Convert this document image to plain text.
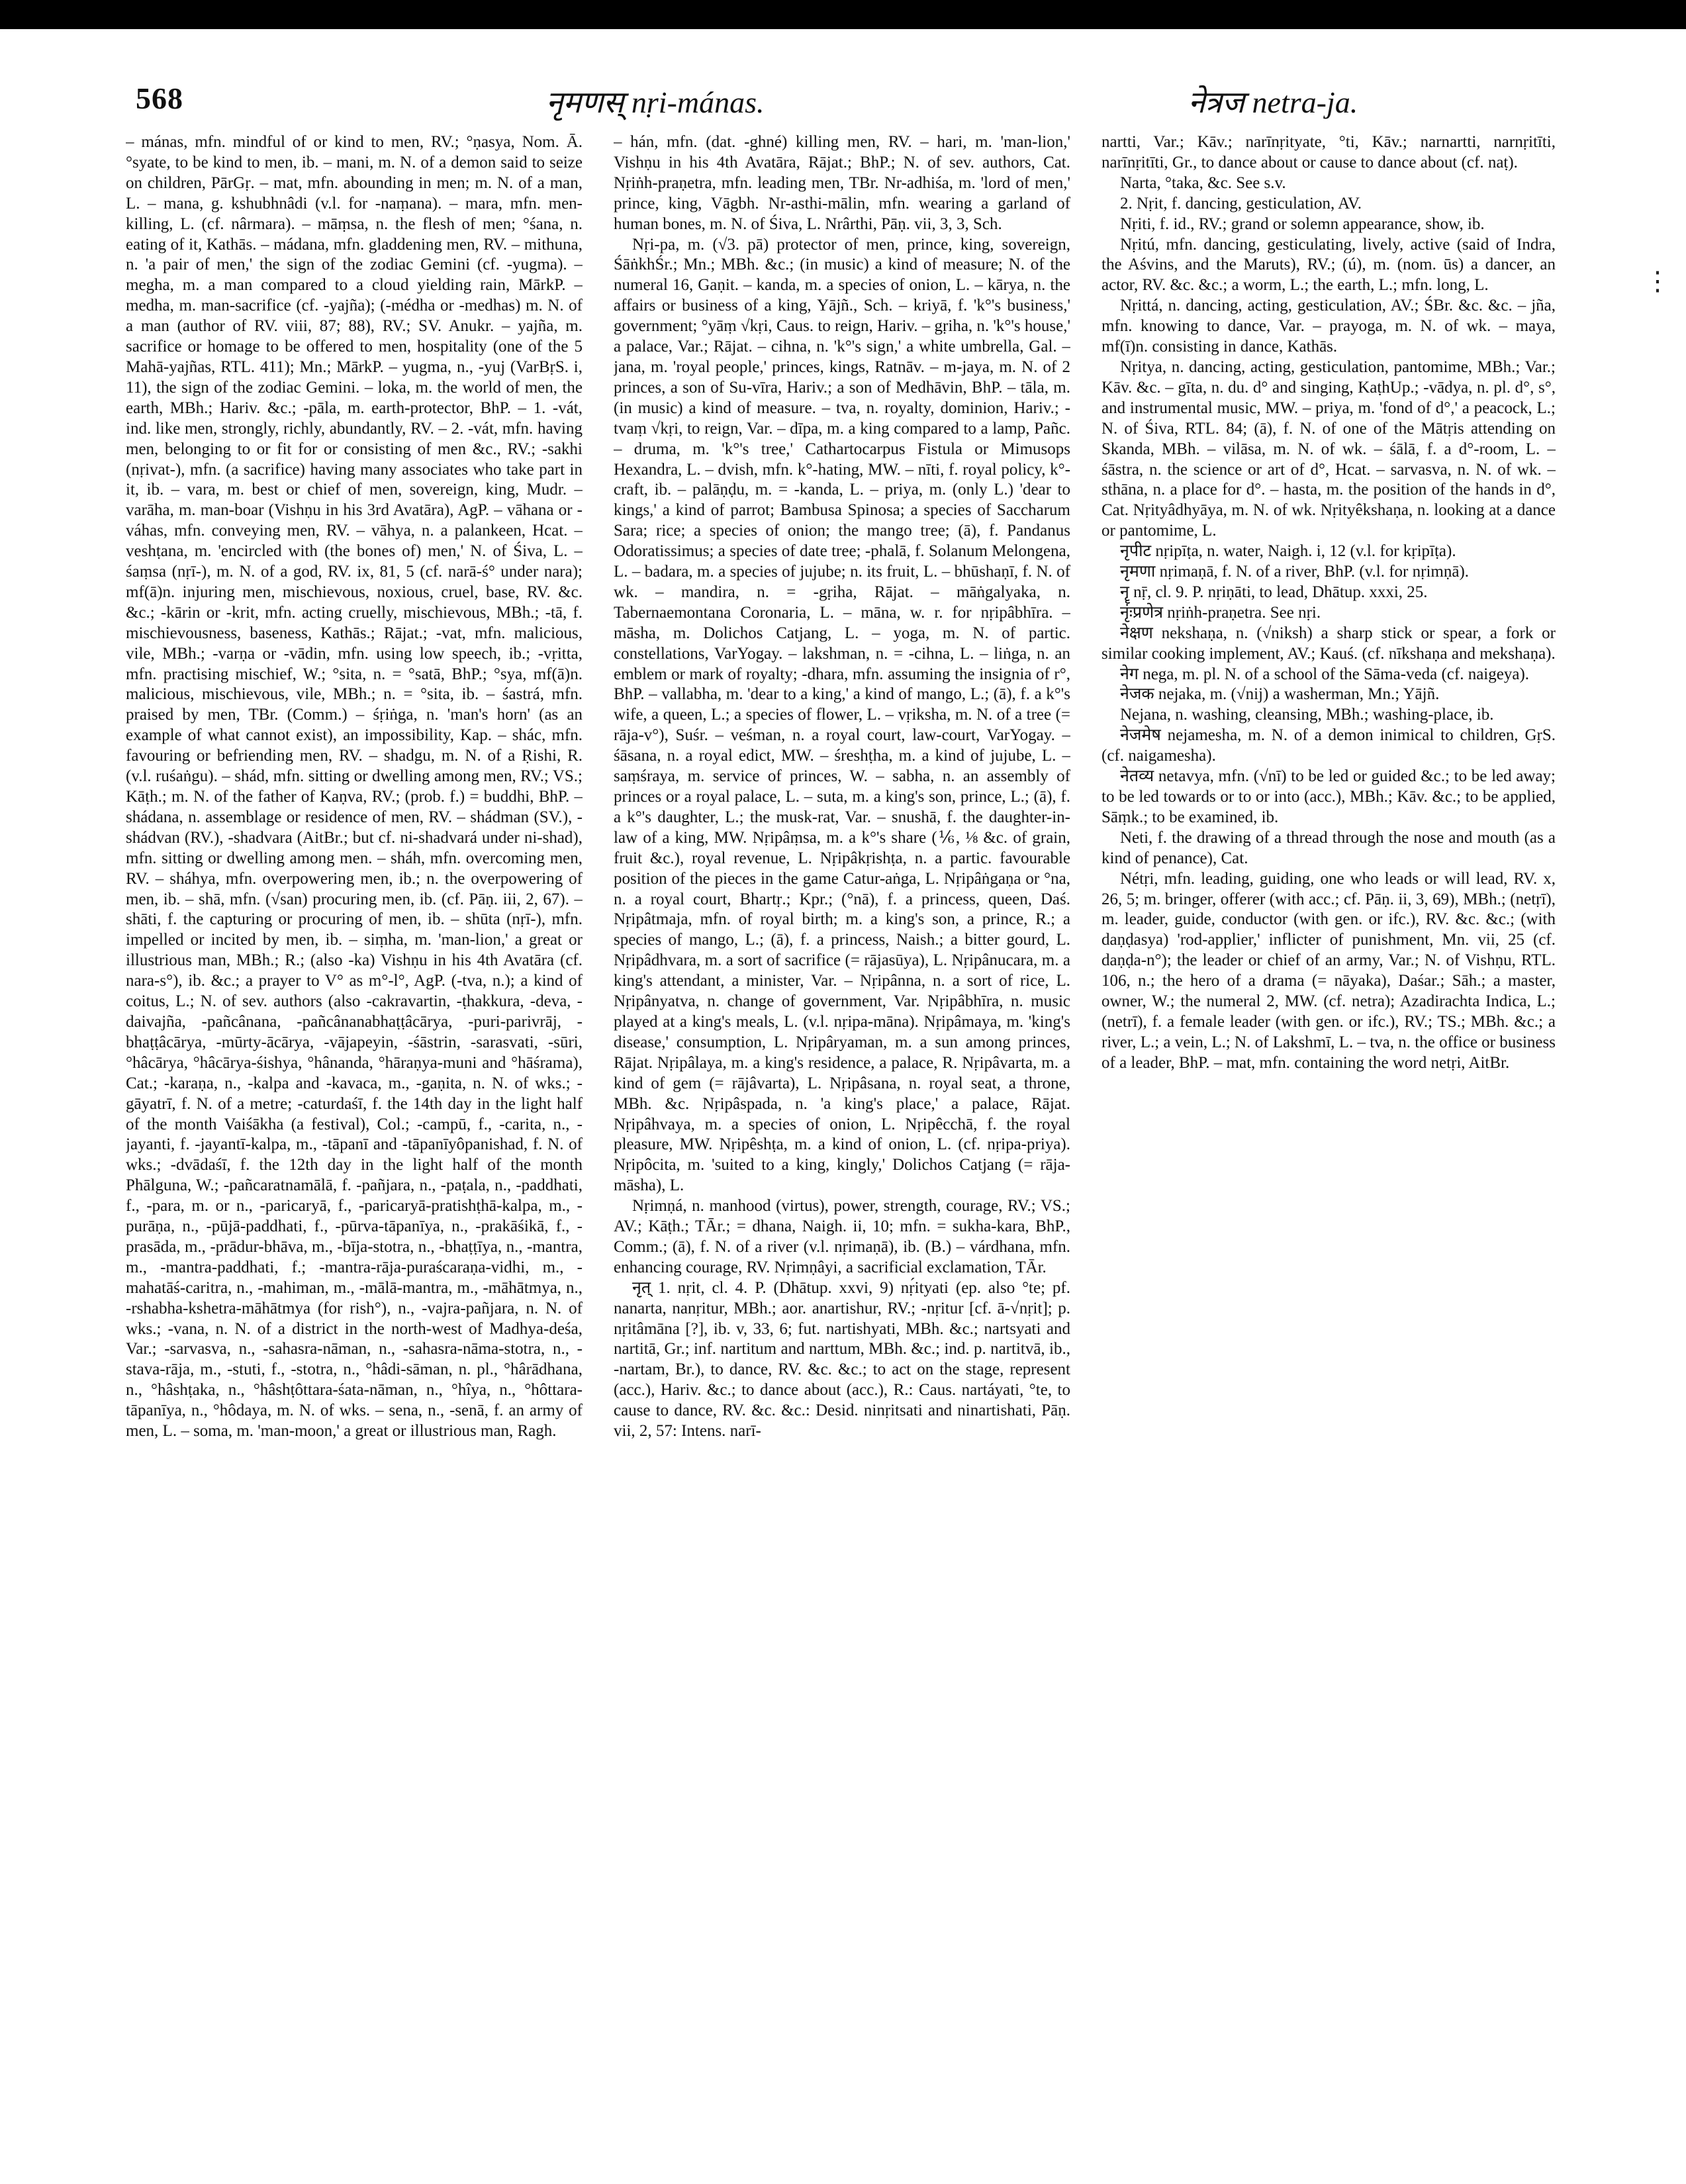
568	नृमणस् nṛi-mánas.	नेत्रज netra-ja.

– mánas, mfn. mindful of or kind to men, RV.; °ṇasya, Nom. Ā. °syate, to be kind to men, ib. – mani, m. N. of a demon said to seize on children, PārGṛ. – mat, mfn. abounding in men; m. N. of a man, L. – mana, g. kshubhnâdi (v.l. for -naṃana). – mara, mfn. men-killing, L. (cf. nârmara). – māṃsa, n. the flesh of men; °śana, n. eating of it, Kathās. – mádana, mfn. gladdening men, RV. – mithuna, n. 'a pair of men,' the sign of the zodiac Gemini (cf. -yugma). – megha, m. a man compared to a cloud yielding rain, MārkP. – medha, m. man-sacrifice (cf. -yajña); (-médha or -medhas) m. N. of a man (author of RV. viii, 87; 88), RV.; SV. Anukr. – yajña, m. sacrifice or homage to be offered to men, hospitality (one of the 5 Mahā-yajñas, RTL. 411); Mn.; MārkP. – yugma, n., -yuj (VarBṛS. i, 11), the sign of the zodiac Gemini. – loka, m. the world of men, the earth, MBh.; Hariv. &c.; -pāla, m. earth-protector, BhP. – 1. -vát, ind. like men, strongly, richly, abundantly, RV. – 2. -vát, mfn. having men, belonging to or fit for or consisting of men &c., RV.; -sakhi (nṛivat-), mfn. (a sacrifice) having many associates who take part in it, ib. – vara, m. best or chief of men, sovereign, king, Mudr. – varāha, m. man-boar (Vishṇu in his 3rd Avatāra), AgP. – vāhana or -váhas, mfn. conveying men, RV. – vāhya, n. a palankeen, Hcat. – veshṭana, m. 'encircled with (the bones of) men,' N. of Śiva, L. – śaṃsa (nṛī-), m. N. of a god, RV. ix, 81, 5 (cf. narā-ś° under nara); mf(ā)n. injuring men, mischievous, noxious, cruel, base, RV. &c. &c.; -kārin or -krit, mfn. acting cruelly, mischievous, MBh.; -tā, f. mischievousness, baseness, Kathās.; Rājat.; -vat, mfn. malicious, vile, MBh.; -varṇa or -vādin, mfn. using low speech, ib.; -vṛitta, mfn. practising mischief, W.; °sita, n. = °satā, BhP.; °sya, mf(ā)n. malicious, mischievous, vile, MBh.; n. = °sita, ib. – śastrá, mfn. praised by men, TBr. (Comm.) – śṛiṅga, n. 'man's horn' (as an example of what cannot exist), an impossibility, Kap. – shác, mfn. favouring or befriending men, RV. – shadgu, m. N. of a Ṛishi, R. (v.l. ruśaṅgu). – shád, mfn. sitting or dwelling among men, RV.; VS.; Kāṭh.; m. N. of the father of Kaṇva, RV.; (prob. f.) = buddhi, BhP. – shádana, n. assemblage or residence of men, RV. – shádman (SV.), -shádvan (RV.), -shadvara (AitBr.; but cf. ni-shadvará under ni-shad), mfn. sitting or dwelling among men. – sháh, mfn. overcoming men, RV. – sháhya, mfn. overpowering men, ib.; n. the overpowering of men, ib. – shā, mfn. (√san) procuring men, ib. (cf. Pāṇ. iii, 2, 67). – shāti, f. the capturing or procuring of men, ib. – shūta (nṛī-), mfn. impelled or incited by men, ib. – siṃha, m. 'man-lion,' a great or illustrious man, MBh.; R.; (also -ka) Vishṇu in his 4th Avatāra (cf. nara-s°), ib. &c.; a prayer to V° as m°-l°, AgP. (-tva, n.); a kind of coitus, L.; N. of sev. authors (also -cakravartin, -ṭhakkura, -deva, -daivajña, -pañcânana, -pañcânanabhaṭṭâcārya, -puri-parivrāj, -bhaṭṭâcārya, -mūrty-ācārya, -vājapeyin, -śāstrin, -sarasvati, -sūri, °hâcārya, °hâcārya-śishya, °hânanda, °hāraṇya-muni and °hāśrama), Cat.; -karaṇa, n., -kalpa and -kavaca, m., -gaṇita, n. N. of wks.; -gāyatrī, f. N. of a metre; -caturdaśī, f. the 14th day in the light half of the month Vaiśākha (a festival), Col.; -campū, f., -carita, n., -jayanti, f. -jayantī-kalpa, m., -tāpanī and -tāpanīyôpanishad, f. N. of wks.; -dvādaśī, f. the 12th day in the light half of the month Phālguna, W.; -pañcaratnamālā, f. -pañjara, n., -paṭala, n., -paddhati, f., -para, m. or n., -paricaryā, f., -paricaryā-pratishṭhā-kalpa, m., -purāṇa, n., -pūjā-paddhati, f., -pūrva-tāpanīya, n., -prakāśikā, f., -prasāda, m., -prādur-bhāva, m., -bīja-stotra, n., -bhaṭṭīya, n., -mantra, m., -mantra-paddhati, f.; -mantra-rāja-puraścaraṇa-vidhi, m., -mahatāś-caritra, n., -mahiman, m., -mālā-mantra, m., -māhātmya, n., -rshabha-kshetra-māhātmya (for rish°), n., -vajra-pañjara, n. N. of wks.; -vana, n. N. of a district in the north-west of Madhya-deśa, Var.; -sarvasva, n., -sahasra-nāman, n., -sahasra-nāma-stotra, n., -stava-rāja, m., -stuti, f., -stotra, n., °hâdi-sāman, n. pl., °hârādhana, n., °hâshṭaka, n., °hâshṭôttara-śata-nāman, n., °hîya, n., °hôttara-tāpanīya, n., °hôdaya, m. N. of wks. – sena, n., -senā, f. an army of men, L. – soma, m. 'man-moon,' a great or illustrious man, Ragh.

– hán, mfn. (dat. -ghné) killing men, RV. – hari, m. 'man-lion,' Vishṇu in his 4th Avatāra, Rājat.; BhP.; N. of sev. authors, Cat. Nṛiṅh-praṇetra, mfn. leading men, TBr. Nr-adhiśa, m. 'lord of men,' prince, king, Vāgbh. Nr-asthi-mālin, mfn. wearing a garland of human bones, m. N. of Śiva, L. Nrârthi, Pāṇ. vii, 3, 3, Sch.

Nṛi-pa, m. (√3. pā) protector of men, prince, king, sovereign, ŚāṅkhŚr.; Mn.; MBh. &c.; (in music) a kind of measure; N. of the numeral 16, Gaṇit. – kanda, m. a species of onion, L. – kārya, n. the affairs or business of a king, Yājñ., Sch. – kriyā, f. 'k°'s business,' government; °yāṃ √kṛi, Caus. to reign, Hariv. – gṛiha, n. 'k°'s house,' a palace, Var.; Rājat. – cihna, n. 'k°'s sign,' a white umbrella, Gal. – jana, m. 'royal people,' princes, kings, Ratnāv. – m-jaya, m. N. of 2 princes, a son of Su-vīra, Hariv.; a son of Medhāvin, BhP. – tāla, m. (in music) a kind of measure. – tva, n. royalty, dominion, Hariv.; -tvaṃ √kṛi, to reign, Var. – dīpa, m. a king compared to a lamp, Pañc. – druma, m. 'k°'s tree,' Cathartocarpus Fistula or Mimusops Hexandra, L. – dvish, mfn. k°-hating, MW. – nīti, f. royal policy, k°-craft, ib. – palāṇḍu, m. = -kanda, L. – priya, m. (only L.) 'dear to kings,' a kind of parrot; Bambusa Spinosa; a species of Saccharum Sara; rice; a species of onion; the mango tree; (ā), f. Pandanus Odoratissimus; a species of date tree; -phalā, f. Solanum Melongena, L. – badara, m. a species of jujube; n. its fruit, L. – bhūshaṇī, f. N. of wk. – mandira, n. = -gṛiha, Rājat. – māṅgalyaka, n. Tabernaemontana Coronaria, L. – māna, w. r. for nṛipâbhīra. – māsha, m. Dolichos Catjang, L. – yoga, m. N. of partic. constellations, VarYogay. – lakshman, n. = -cihna, L. – liṅga, n. an emblem or mark of royalty; -dhara, mfn. assuming the insignia of r°, BhP. – vallabha, m. 'dear to a king,' a kind of mango, L.; (ā), f. a k°'s wife, a queen, L.; a species of flower, L. – vṛiksha, m. N. of a tree (= rāja-v°), Suśr. – veśman, n. a royal court, law-court, VarYogay. – śāsana, n. a royal edict, MW. – śreshṭha, m. a kind of jujube, L. – saṃśraya, m. service of princes, W. – sabha, n. an assembly of princes or a royal palace, L. – suta, m. a king's son, prince, L.; (ā), f. a k°'s daughter, L.; the musk-rat, Var. – snushā, f. the daughter-in-law of a king, MW. Nṛipâṃsa, m. a k°'s share (⅙, ⅛ &c. of grain, fruit &c.), royal revenue, L. Nṛipâkṛishṭa, n. a partic. favourable position of the pieces in the game Catur-aṅga, L. Nṛipâṅgaṇa or °na, n. a royal court, Bhartṛ.; Kpr.; (°nā), f. a princess, queen, Daś. Nṛipâtmaja, mfn. of royal birth; m. a king's son, a prince, R.; a species of mango, L.; (ā), f. a princess, Naish.; a bitter gourd, L. Nṛipâdhvara, m. a sort of sacrifice (= rājasūya), L. Nṛipânucara, m. a king's attendant, a minister, Var. – Nṛipânna, n. a sort of rice, L. Nṛipânyatva, n. change of government, Var. Nṛipâbhīra, n. music played at a king's meals, L. (v.l. nṛipa-māna). Nṛipâmaya, m. 'king's disease,' consumption, L. Nṛipâryaman, m. a sun among princes, Rājat. Nṛipâlaya, m. a king's residence, a palace, R. Nṛipâvarta, m. a kind of gem (= rājâvarta), L. Nṛipâsana, n. royal seat, a throne, MBh. &c. Nṛipâspada, n. 'a king's place,' a palace, Rājat. Nṛipâhvaya, m. a species of onion, L. Nṛipêcchā, f. the royal pleasure, MW. Nṛipêshṭa, m. a kind of onion, L. (cf. nṛipa-priya). Nṛipôcita, m. 'suited to a king, kingly,' Dolichos Catjang (= rāja-māsha), L.

Nṛimṇá, n. manhood (virtus), power, strength, courage, RV.; VS.; AV.; Kāṭh.; TĀr.; = dhana, Naigh. ii, 10; mfn. = sukha-kara, BhP., Comm.; (ā), f. N. of a river (v.l. nṛimaṇā), ib. (B.) – várdhana, mfn. enhancing courage, RV. Nṛimṇâyi, a sacrificial exclamation, TĀr.

नृत् 1. nṛit, cl. 4. P. (Dhātup. xxvi, 9) nṛ́ityati (ep. also °te; pf. nanarta, nanṛitur, MBh.; aor. anartishur, RV.; -nṛitur [cf. ā-√nṛit]; p. nṛitâmāna [?], ib. v, 33, 6; fut. nartishyati, MBh. &c.; nartsyati and nartitā, Gr.; inf. nartitum and narttum, MBh. &c.; ind. p. nartitvā, ib., -nartam, Br.), to dance, RV. &c. &c.; to act on the stage, represent (acc.), Hariv. &c.; to dance about (acc.), R.: Caus. nartáyati, °te, to cause to dance, RV. &c. &c.: Desid. ninṛitsati and ninartishati, Pāṇ. vii, 2, 57: Intens. narī-

nartti, Var.; Kāv.; narīnṛityate, °ti, Kāv.; narnartti, narnṛitīti, narīnṛitīti, Gr., to dance about or cause to dance about (cf. naṭ).

Narta, °taka, &c. See s.v.

2. Nṛit, f. dancing, gesticulation, AV.

Nṛiti, f. id., RV.; grand or solemn appearance, show, ib.

Nṛitú, mfn. dancing, gesticulating, lively, active (said of Indra, the Aśvins, and the Maruts), RV.; (ú), m. (nom. ūs) a dancer, an actor, RV. &c. &c.; a worm, L.; the earth, L.; mfn. long, L.

Nṛittá, n. dancing, acting, gesticulation, AV.; ŚBr. &c. &c. – jña, mfn. knowing to dance, Var. – prayoga, m. N. of wk. – maya, mf(ī)n. consisting in dance, Kathās.

Nṛitya, n. dancing, acting, gesticulation, pantomime, MBh.; Var.; Kāv. &c. – gīta, n. du. d° and singing, KaṭhUp.; -vādya, n. pl. d°, s°, and instrumental music, MW. – priya, m. 'fond of d°,' a peacock, L.; N. of Śiva, RTL. 84; (ā), f. N. of one of the Mātṛis attending on Skanda, MBh. – vilāsa, m. N. of wk. – śālā, f. a d°-room, L. – śāstra, n. the science or art of d°, Hcat. – sarvasva, n. N. of wk. – sthāna, n. a place for d°. – hasta, m. the position of the hands in d°, Cat. Nṛityâdhyāya, m. N. of wk. Nṛityêkshaṇa, n. looking at a dance or pantomime, L.

नृपीट nṛipīṭa, n. water, Naigh. i, 12 (v.l. for kṛipīṭa).

नृमणा nṛimaṇā, f. N. of a river, BhP. (v.l. for nṛimṇā).

नॄ nṝ, cl. 9. P. nṛiṇāti, to lead, Dhātup. xxxi, 25.

नृंःप्रणेत्र nṛiṅh-praṇetra. See nṛi.

नेक्षण nekshaṇa, n. (√niksh) a sharp stick or spear, a fork or similar cooking implement, AV.; Kauś. (cf. nīkshaṇa and mekshaṇa).

नेग nega, m. pl. N. of a school of the Sāma-veda (cf. naigeya).

नेजक nejaka, m. (√nij) a washerman, Mn.; Yājñ.

Nejana, n. washing, cleansing, MBh.; washing-place, ib.

नेजमेष nejamesha, m. N. of a demon inimical to children, GṛS. (cf. naigamesha).

नेतव्य netavya, mfn. (√nī) to be led or guided &c.; to be led away; to be led towards or to or into (acc.), MBh.; Kāv. &c.; to be applied, Sāṃk.; to be examined, ib.

Neti, f. the drawing of a thread through the nose and mouth (as a kind of penance), Cat.

Nétṛi, mfn. leading, guiding, one who leads or will lead, RV. x, 26, 5; m. bringer, offerer (with acc.; cf. Pāṇ. ii, 3, 69), MBh.; (netṛī), m. leader, guide, conductor (with gen. or ifc.), RV. &c. &c.; (with daṇḍasya) 'rod-applier,' inflicter of punishment, Mn. vii, 25 (cf. daṇḍa-n°); the leader or chief of an army, Var.; N. of Vishṇu, RTL. 106, n.; the hero of a drama (= nāyaka), Daśar.; Sāh.; a master, owner, W.; the numeral 2, MW. (cf. netra); Azadirachta Indica, L.; (netrī), f. a female leader (with gen. or ifc.), RV.; TS.; MBh. &c.; a river, L.; a vein, L.; N. of Lakshmī, L. – tva, n. the office or business of a leader, BhP. – mat, mfn. containing the word netṛi, AitBr.

⋮
